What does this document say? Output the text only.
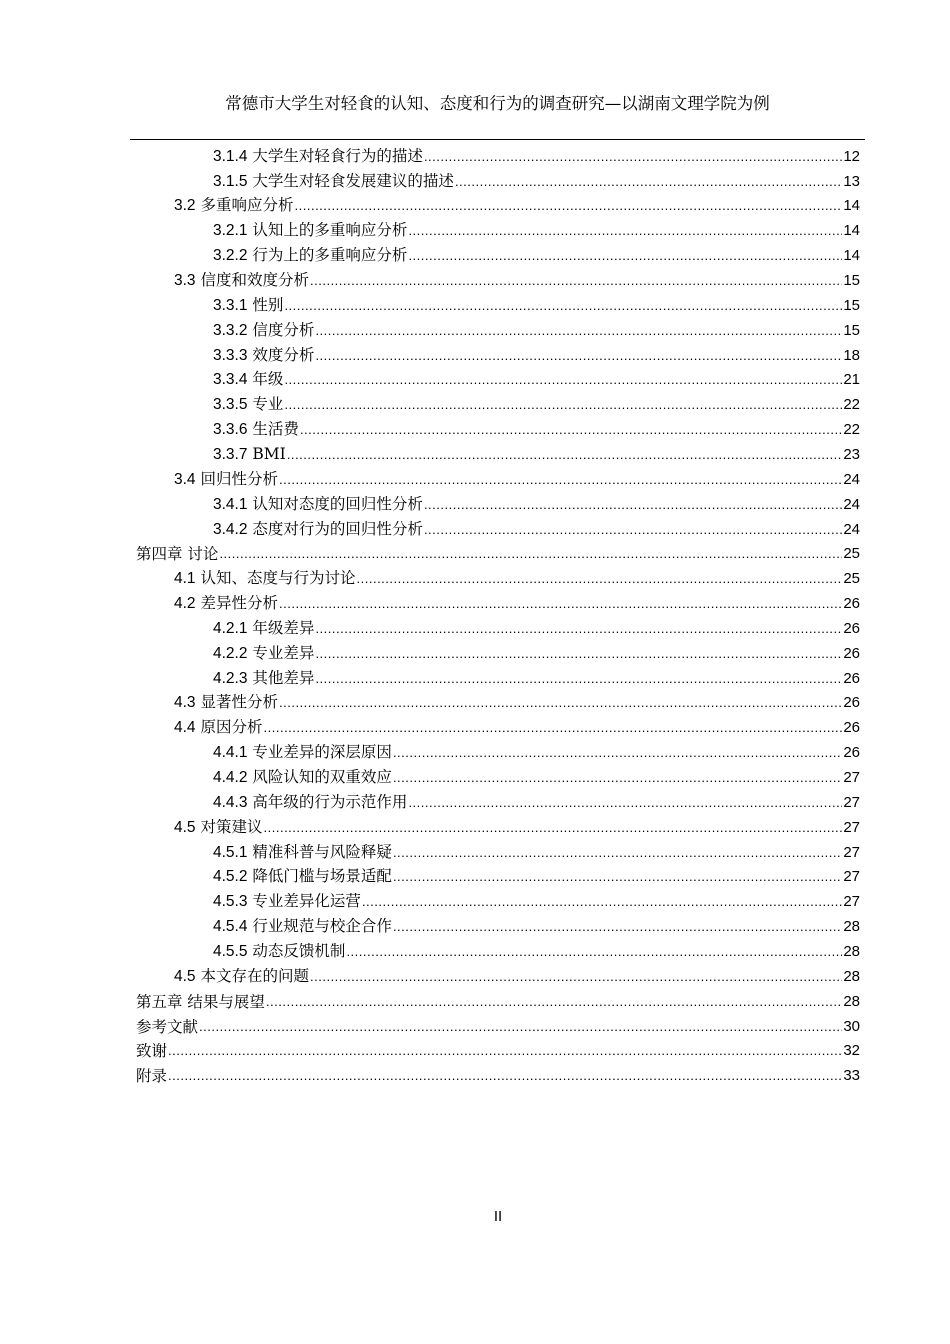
常德市大学生对轻食的认知、态度和行为的调查研究—以湖南文理学院为例
3.1.4 大学生对轻食行为的描述 .....	12
3.1.5 大学生对轻食发展建议的描述 .....	13
3.2 多重响应分析 .....	14
3.2.1 认知上的多重响应分析 .....	14
3.2.2 行为上的多重响应分析 .....	14
3.3 信度和效度分析 .....	15
3.3.1 性别 .....	15
3.3.2 信度分析 .....	15
3.3.3 效度分析 .....	18
3.3.4 年级 .....	21
3.3.5 专业 .....	22
3.3.6 生活费 .....	22
3.3.7 BMI .....	23
3.4 回归性分析 .....	24
3.4.1 认知对态度的回归性分析 .....	24
3.4.2 态度对行为的回归性分析 .....	24
第四章 讨论 .....	25
4.1 认知、态度与行为讨论 .....	25
4.2 差异性分析 .....	26
4.2.1 年级差异 .....	26
4.2.2 专业差异 .....	26
4.2.3 其他差异 .....	26
4.3 显著性分析 .....	26
4.4 原因分析 .....	26
4.4.1 专业差异的深层原因 .....	26
4.4.2 风险认知的双重效应 .....	27
4.4.3 高年级的行为示范作用 .....	27
4.5 对策建议 .....	27
4.5.1 精准科普与风险释疑 .....	27
4.5.2 降低门槛与场景适配 .....	27
4.5.3 专业差异化运营 .....	27
4.5.4 行业规范与校企合作 .....	28
4.5.5 动态反馈机制 .....	28
4.5 本文存在的问题 .....	28
第五章 结果与展望 .....	28
参考文献 .....	30
致谢 .....	32
附录 .....	33
II
